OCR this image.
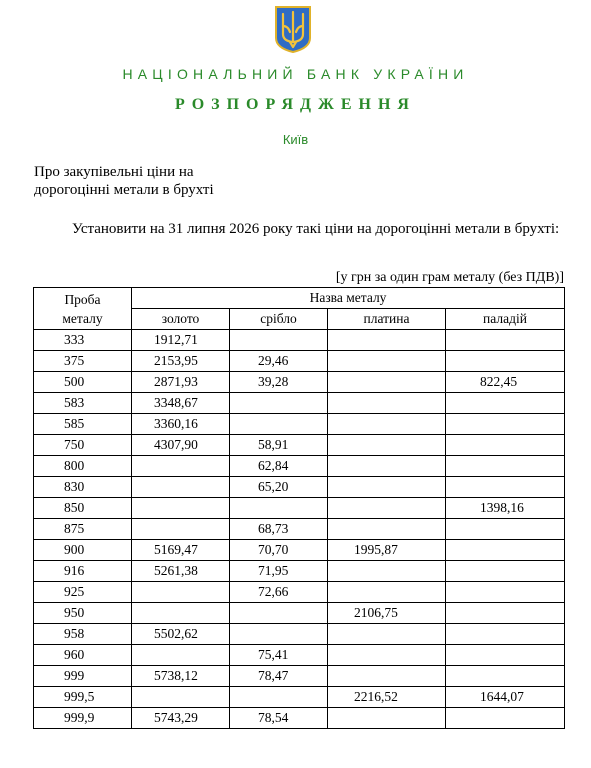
НАЦІОНАЛЬНИЙ БАНК УКРАЇНИ
РОЗПОРЯДЖЕННЯ
Київ
Про закупівельні ціни на
дорогоцінні метали в брухті
Установити на 31 липня 2026 року такі ціни на дорогоцінні метали в брухті:
[у грн за один грам металу (без ПДВ)]
Проба
металу	Назва металу			
	золото	срібло	платина	паладій
333	1912,71			
375	2153,95	29,46		
500	2871,93	39,28		822,45
583	3348,67			
585	3360,16			
750	4307,90	58,91		
800		62,84		
830		65,20		
850				1398,16
875		68,73		
900	5169,47	70,70	1995,87	
916	5261,38	71,95		
925		72,66		
950			2106,75	
958	5502,62			
960		75,41		
999	5738,12	78,47		
999,5			2216,52	1644,07
999,9	5743,29	78,54		
